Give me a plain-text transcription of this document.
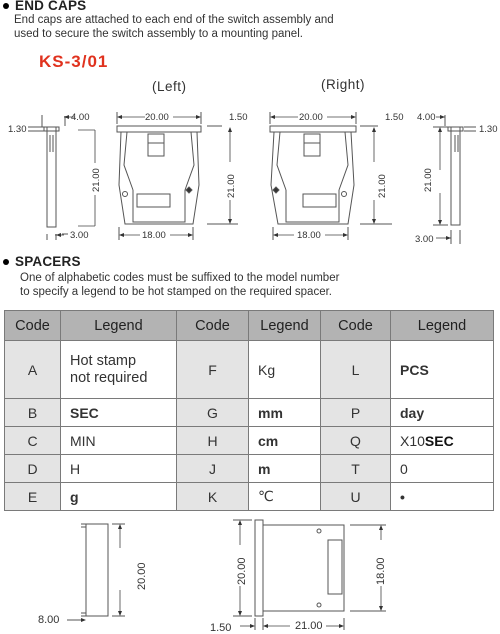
END CAPS
End caps are attached to each end of the switch assembly and
used to secure the switch assembly to a mounting panel.
KS-3/01
(Left)	(Right)
4.00
1.30
20.00	1.50
21.00	21.00
3.00	18.00
20.00	1.50 4.00
1.30
21.00	21.00
18.00	3.00
SPACERS
One of alphabetic codes must be suffixed to the model number
to specify a legend to be hot stamped on the required spacer.
Code	Legend	Code	Legend	Code	Legend
A	Hot stamp
not required	F	Kg	L	PCS
B	SEC	G	mm	P	day
C	MIN	H	cm	Q	X10SEC
D	H	J	m	T	0
E	g	K	℃	U	•
20.00
8.00
20.00	18.00
21.00
1.50
